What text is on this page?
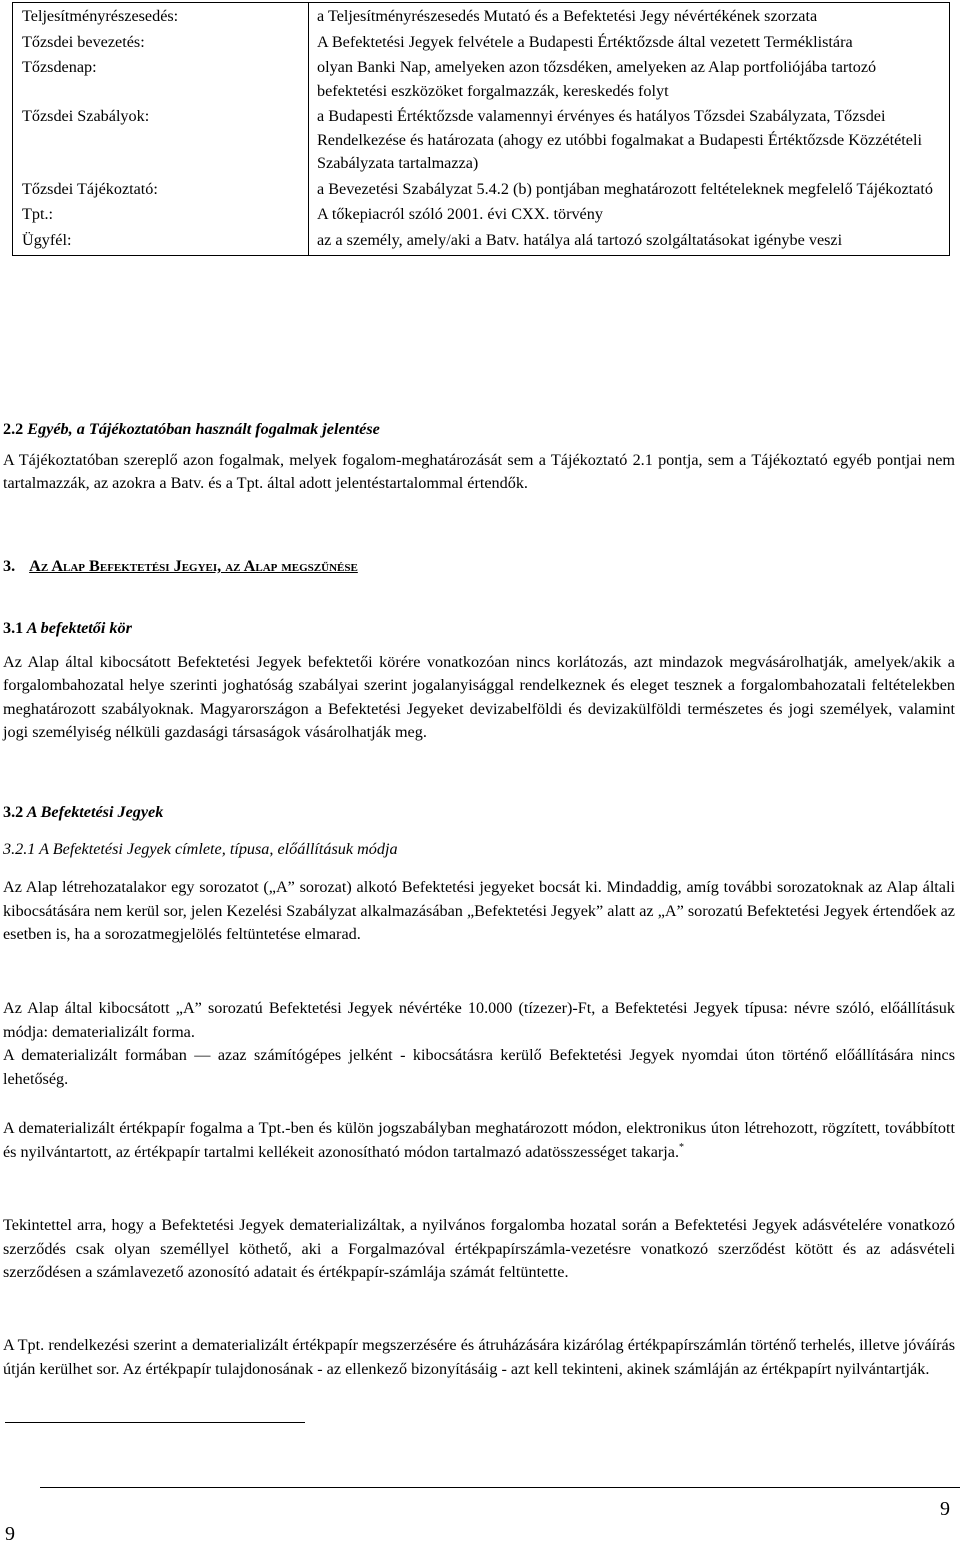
Teljesítményrészesedés:	a Teljesítményrészesedés Mutató és a Befektetési Jegy névértékének szorzata
Tőzsdei bevezetés:	A Befektetési Jegyek felvétele a Budapesti Értéktőzsde által vezetett Terméklistára
Tőzsdenap:	olyan Banki Nap, amelyeken azon tőzsdéken, amelyeken az Alap portfoliójába tartozó befektetési eszközöket forgalmazzák, kereskedés folyt
Tőzsdei Szabályok:	a Budapesti Értéktőzsde valamennyi érvényes és hatályos Tőzsdei Szabályzata, Tőzsdei Rendelkezése és határozata (ahogy ez utóbbi fogalmakat a Budapesti Értéktőzsde Közzétételi Szabályzata tartalmazza)
Tőzsdei Tájékoztató:	a Bevezetési Szabályzat 5.4.2 (b) pontjában meghatározott feltételeknek megfelelő Tájékoztató
Tpt.:	A tőkepiacról szóló 2001. évi CXX. törvény
Ügyfél:	az a személy, amely/aki a Batv. hatálya alá tartozó szolgáltatásokat igénybe veszi
2.2 Egyéb, a Tájékoztatóban használt fogalmak jelentése

A Tájékoztatóban szereplő azon fogalmak, melyek fogalom-meghatározását sem a Tájékoztató 2.1 pontja, sem a Tájékoztató egyéb pontjai nem tartalmazzák, az azokra a Batv. és a Tpt. által adott jelentéstartalommal értendők.

3. Az Alap Befektetési Jegyei, az Alap megszűnése
3.1 A befektetői kör

Az Alap által kibocsátott Befektetési Jegyek befektetői körére vonatkozóan nincs korlátozás, azt mindazok megvásárolhatják, amelyek/akik a forgalombahozatal helye szerinti joghatóság szabályai szerint jogalanyisággal rendelkeznek és eleget tesznek a forgalombahozatali feltételekben meghatározott szabályoknak. Magyarországon a Befektetési Jegyeket devizabelföldi és devizakülföldi természetes és jogi személyek, valamint jogi személyiség nélküli gazdasági társaságok vásárolhatják meg.

3.2 A Befektetési Jegyek
3.2.1 A Befektetési Jegyek címlete, típusa, előállításuk módja

Az Alap létrehozatalakor egy sorozatot („A” sorozat) alkotó Befektetési jegyeket bocsát ki. Mindaddig, amíg további sorozatoknak az Alap általi kibocsátására nem kerül sor, jelen Kezelési Szabályzat alkalmazásában „Befektetési Jegyek” alatt az „A” sorozatú Befektetési Jegyek értendőek az esetben is, ha a sorozatmegjelölés feltüntetése elmarad.

Az Alap által kibocsátott „A” sorozatú Befektetési Jegyek névértéke 10.000 (tízezer)-Ft, a Befektetési Jegyek típusa: névre szóló, előállításuk módja: dematerializált forma.

A dematerializált formában — azaz számítógépes jelként - kibocsátásra kerülő Befektetési Jegyek nyomdai úton történő előállítására nincs lehetőség.

A dematerializált értékpapír fogalma a Tpt.-ben és külön jogszabályban meghatározott módon, elektronikus úton létrehozott, rögzített, továbbított és nyilvántartott, az értékpapír tartalmi kellékeit azonosítható módon tartalmazó adatösszességet takarja.*

Tekintettel arra, hogy a Befektetési Jegyek dematerializáltak, a nyilvános forgalomba hozatal során a Befektetési Jegyek adásvételére vonatkozó szerződés csak olyan személlyel köthető, aki a Forgalmazóval értékpapírszámla-vezetésre vonatkozó szerződést kötött és az adásvételi szerződésen a számlavezető azonosító adatait és értékpapír-számlája számát feltüntette.

A Tpt. rendelkezési szerint a dematerializált értékpapír megszerzésére és átruházására kizárólag értékpapírszámlán történő terhelés, illetve jóváírás útján kerülhet sor. Az értékpapír tulajdonosának - az ellenkező bizonyításáig - azt kell tekinteni, akinek számláján az értékpapírt nyilvántartják.

9
9
